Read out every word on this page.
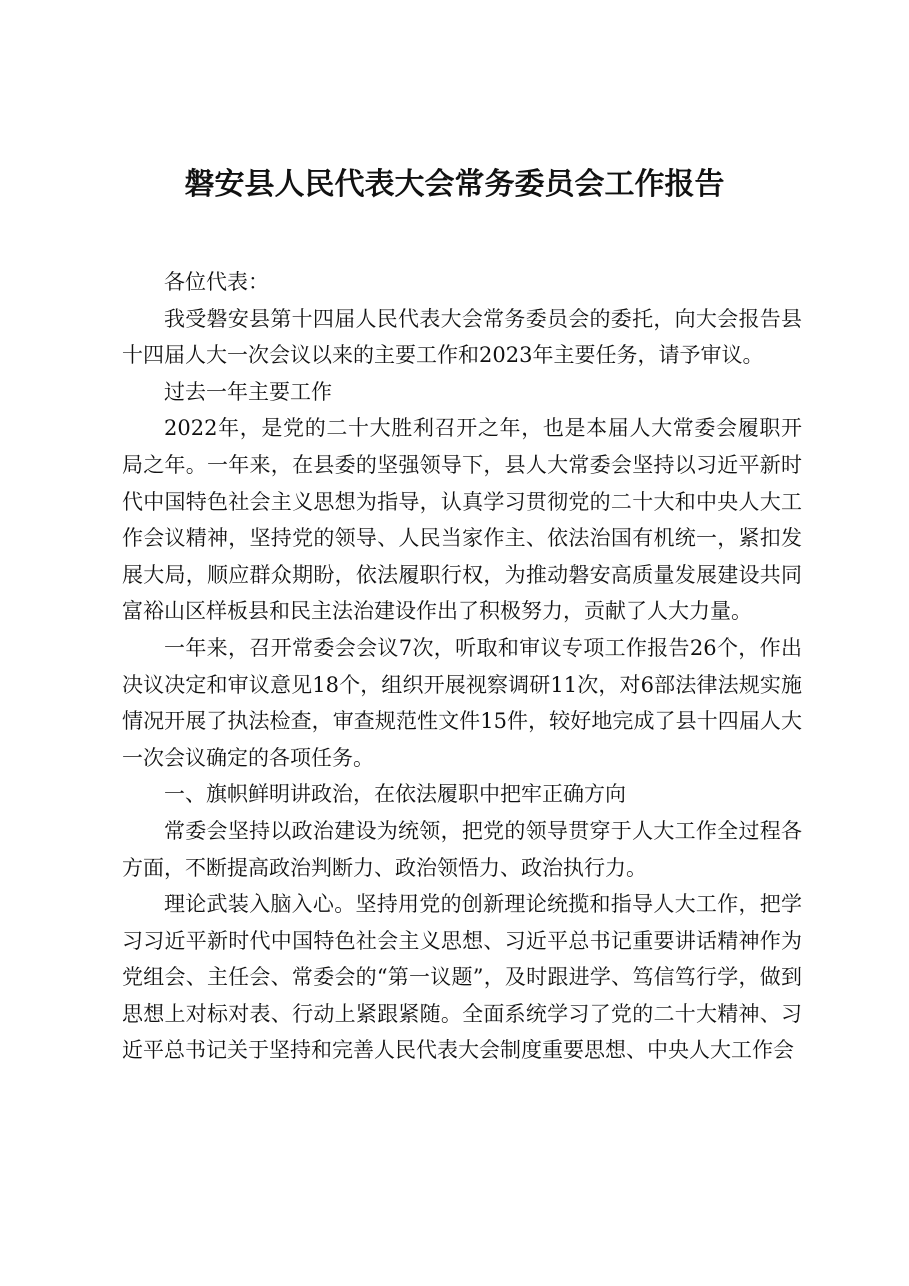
磐安县人民代表大会常务委员会工作报告

各位代表：

我受磐安县第十四届人民代表大会常务委员会的委托，向大会报告县十四届人大一次会议以来的主要工作和2023年主要任务，请予审议。

过去一年主要工作

2022年，是党的二十大胜利召开之年，也是本届人大常委会履职开局之年。一年来，在县委的坚强领导下，县人大常委会坚持以习近平新时代中国特色社会主义思想为指导，认真学习贯彻党的二十大和中央人大工作会议精神，坚持党的领导、人民当家作主、依法治国有机统一，紧扣发展大局，顺应群众期盼，依法履职行权，为推动磐安高质量发展建设共同富裕山区样板县和民主法治建设作出了积极努力，贡献了人大力量。

一年来，召开常委会会议7次，听取和审议专项工作报告26个，作出决议决定和审议意见18个，组织开展视察调研11次，对6部法律法规实施情况开展了执法检查，审查规范性文件15件，较好地完成了县十四届人大一次会议确定的各项任务。

一、旗帜鲜明讲政治，在依法履职中把牢正确方向

常委会坚持以政治建设为统领，把党的领导贯穿于人大工作全过程各方面，不断提高政治判断力、政治领悟力、政治执行力。

理论武装入脑入心。坚持用党的创新理论统揽和指导人大工作，把学习习近平新时代中国特色社会主义思想、习近平总书记重要讲话精神作为党组会、主任会、常委会的“第一议题”，及时跟进学、笃信笃行学，做到思想上对标对表、行动上紧跟紧随。全面系统学习了党的二十大精神、习近平总书记关于坚持和完善人民代表大会制度重要思想、中央人大工作会
